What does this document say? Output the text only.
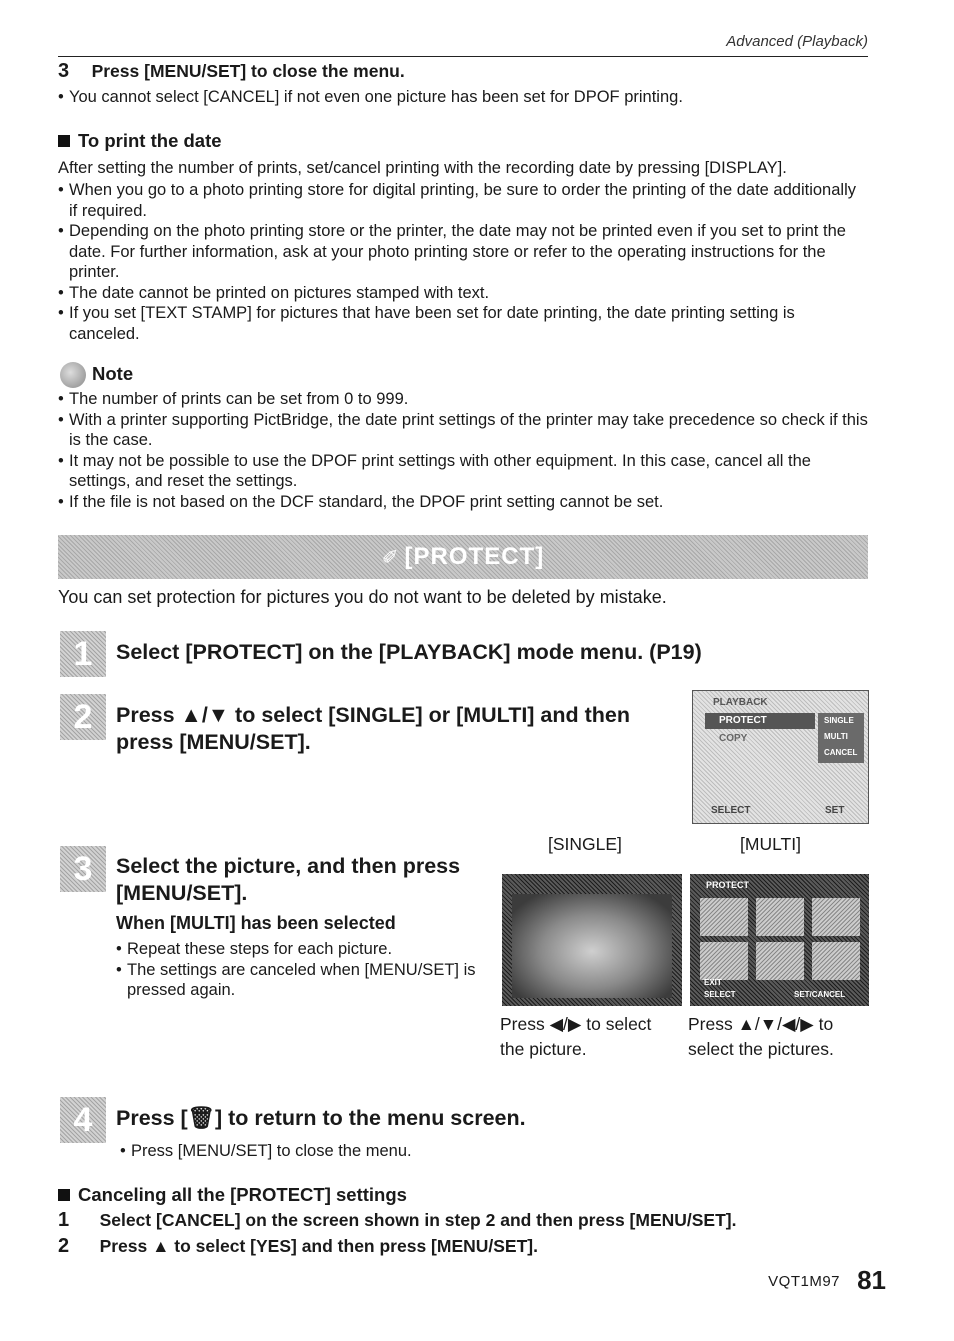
Advanced (Playback)
3 Press [MENU/SET] to close the menu.
• You cannot select [CANCEL] if not even one picture has been set for DPOF printing.
To print the date
After setting the number of prints, set/cancel printing with the recording date by pressing [DISPLAY].
• When you go to a photo printing store for digital printing, be sure to order the printing of the date additionally if required.
• Depending on the photo printing store or the printer, the date may not be printed even if you set to print the date. For further information, ask at your photo printing store or refer to the operating instructions for the printer.
• The date cannot be printed on pictures stamped with text.
• If you set [TEXT STAMP] for pictures that have been set for date printing, the date printing setting is canceled.
Note
• The number of prints can be set from 0 to 999.
• With a printer supporting PictBridge, the date print settings of the printer may take precedence so check if this is the case.
• It may not be possible to use the DPOF print settings with other equipment. In this case, cancel all the settings, and reset the settings.
• If the file is not based on the DCF standard, the DPOF print setting cannot be set.
✐ [PROTECT]
You can set protection for pictures you do not want to be deleted by mistake.
1	Select [PROTECT] on the [PLAYBACK] mode menu. (P19)
2	Press ▲/▼ to select [SINGLE] or [MULTI] and then press [MENU/SET].
PLAYBACK
PROTECT
COPY
SINGLE
MULTI
CANCEL
SELECT	SET
3	Select the picture, and then press [MENU/SET].
When [MULTI] has been selected
• Repeat these steps for each picture.
• The settings are canceled when [MENU/SET] is pressed again.
[SINGLE]	[MULTI]
Press ◀/▶ to select the picture.
PROTECT
EXIT
SELECT	SET/CANCEL
Press ▲/▼/◀/▶ to select the pictures.
4	Press [🗑] to return to the menu screen.
• Press [MENU/SET] to close the menu.
Canceling all the [PROTECT] settings
1 Select [CANCEL] on the screen shown in step 2 and then press [MENU/SET].
2 Press ▲ to select [YES] and then press [MENU/SET].
VQT1M97 81
